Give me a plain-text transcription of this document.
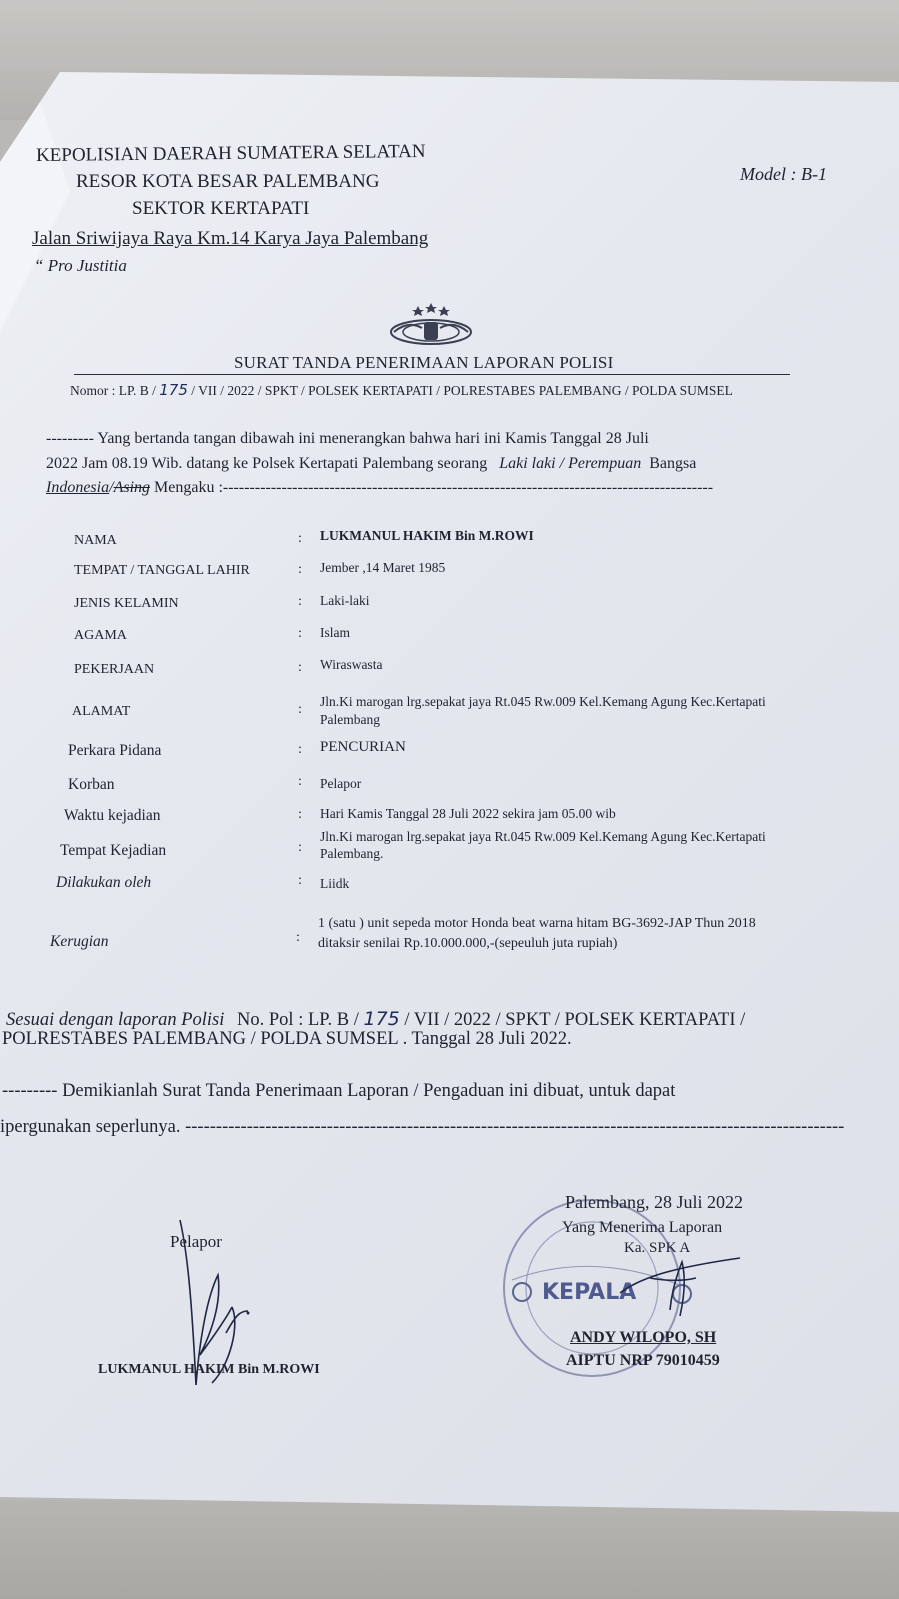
KEPOLISIAN DAERAH SUMATERA SELATAN
RESOR KOTA BESAR PALEMBANG
SEKTOR KERTAPATI
Jalan Sriwijaya Raya Km.14 Karya Jaya Palembang
“ Pro Justitia
Model : B-1
SURAT TANDA PENERIMAAN LAPORAN POLISI
Nomor : LP. B / 175 / VII / 2022 / SPKT / POLSEK KERTAPATI / POLRESTABES PALEMBANG / POLDA SUMSEL
--------- Yang bertanda tangan dibawah ini menerangkan bahwa hari ini Kamis Tanggal 28 Juli
2022 Jam 08.19 Wib. datang ke Polsek Kertapati Palembang seorang Laki laki / Perempuan Bangsa
Indonesia/Asing Mengaku :--------------------------------------------------------------------------------------------
NAMA	: LUKMANUL HAKIM Bin M.ROWI
TEMPAT / TANGGAL LAHIR	: Jember ,14 Maret 1985
JENIS KELAMIN	: Laki-laki
AGAMA	: Islam
PEKERJAAN	: Wiraswasta
ALAMAT	:
Jln.Ki marogan lrg.sepakat jaya Rt.045 Rw.009 Kel.Kemang Agung Kec.Kertapati
Palembang
Perkara Pidana	: PENCURIAN
Korban	: Pelapor
Waktu kejadian	: Hari Kamis Tanggal 28 Juli 2022 sekira jam 05.00 wib
Tempat Kejadian	:
Jln.Ki marogan lrg.sepakat jaya Rt.045 Rw.009 Kel.Kemang Agung Kec.Kertapati
Palembang.
Dilakukan oleh	: Liidk
Kerugian	:
1 (satu ) unit sepeda motor Honda beat warna hitam BG-3692-JAP Thun 2018
ditaksir senilai Rp.10.000.000,-(sepeuluh juta rupiah)
Sesuai dengan laporan Polisi No. Pol : LP. B / 175 / VII / 2022 / SPKT / POLSEK KERTAPATI /
POLRESTABES PALEMBANG / POLDA SUMSEL . Tanggal 28 Juli 2022.
--------- Demikianlah Surat Tanda Penerimaan Laporan / Pengaduan ini dibuat, untuk dapat
ipergunakan seperlunya. -----------------------------------------------------------------------------------------------------------
Pelapor
LUKMANUL HAKIM Bin M.ROWI
KEPALA
Palembang, 28 Juli 2022
Yang Menerima Laporan
Ka. SPK A
ANDY WILOPO, SH
AIPTU NRP 79010459
